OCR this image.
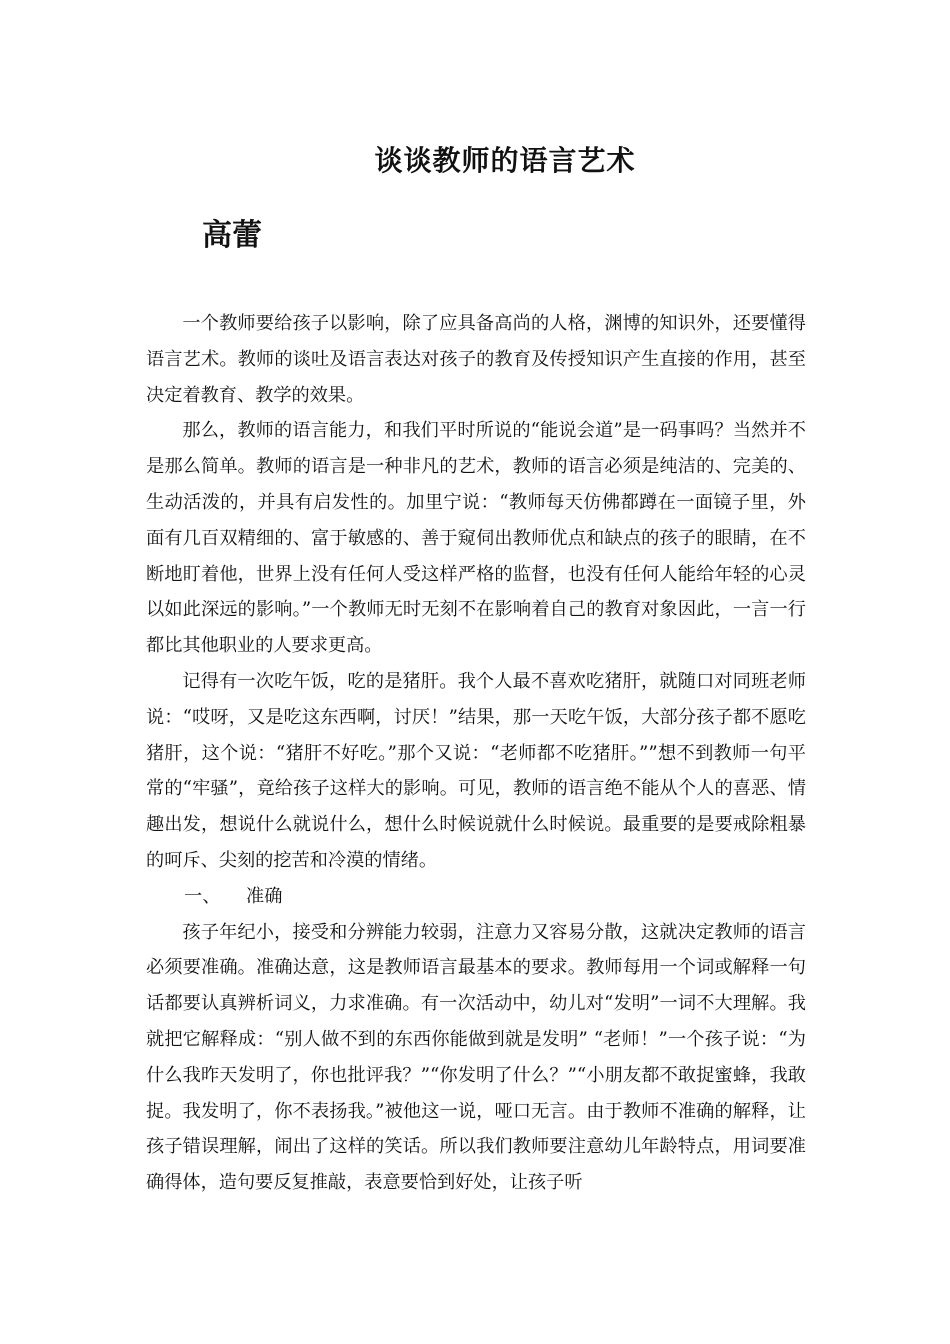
谈谈教师的语言艺术
高蕾

一个教师要给孩子以影响，除了应具备高尚的人格，渊博的知识外，还要懂得语言艺术。教师的谈吐及语言表达对孩子的教育及传授知识产生直接的作用，甚至决定着教育、教学的效果。

那么，教师的语言能力，和我们平时所说的“能说会道”是一码事吗？当然并不是那么简单。教师的语言是一种非凡的艺术，教师的语言必须是纯洁的、完美的、生动活泼的，并具有启发性的。加里宁说：“教师每天仿佛都蹲在一面镜子里，外面有几百双精细的、富于敏感的、善于窥伺出教师优点和缺点的孩子的眼睛，在不断地盯着他，世界上没有任何人受这样严格的监督，也没有任何人能给年轻的心灵以如此深远的影响。”一个教师无时无刻不在影响着自己的教育对象因此，一言一行都比其他职业的人要求更高。

记得有一次吃午饭，吃的是猪肝。我个人最不喜欢吃猪肝，就随口对同班老师说：“哎呀，又是吃这东西啊，讨厌！”结果，那一天吃午饭，大部分孩子都不愿吃猪肝，这个说：“猪肝不好吃。”那个又说：“老师都不吃猪肝。””想不到教师一句平常的“牢骚”，竟给孩子这样大的影响。可见，教师的语言绝不能从个人的喜恶、情趣出发，想说什么就说什么，想什么时候说就什么时候说。最重要的是要戒除粗暴的呵斥、尖刻的挖苦和冷漠的情绪。

一、 准确

孩子年纪小，接受和分辨能力较弱，注意力又容易分散，这就决定教师的语言必须要准确。准确达意，这是教师语言最基本的要求。教师每用一个词或解释一句话都要认真辨析词义，力求准确。有一次活动中，幼儿对“发明”一词不大理解。我就把它解释成：“别人做不到的东西你能做到就是发明” “老师！”一个孩子说：“为什么我昨天发明了，你也批评我？”“你发明了什么？”“小朋友都不敢捉蜜蜂，我敢捉。我发明了，你不表扬我。”被他这一说，哑口无言。由于教师不准确的解释，让孩子错误理解，闹出了这样的笑话。所以我们教师要注意幼儿年龄特点，用词要准确得体，造句要反复推敲，表意要恰到好处，让孩子听
